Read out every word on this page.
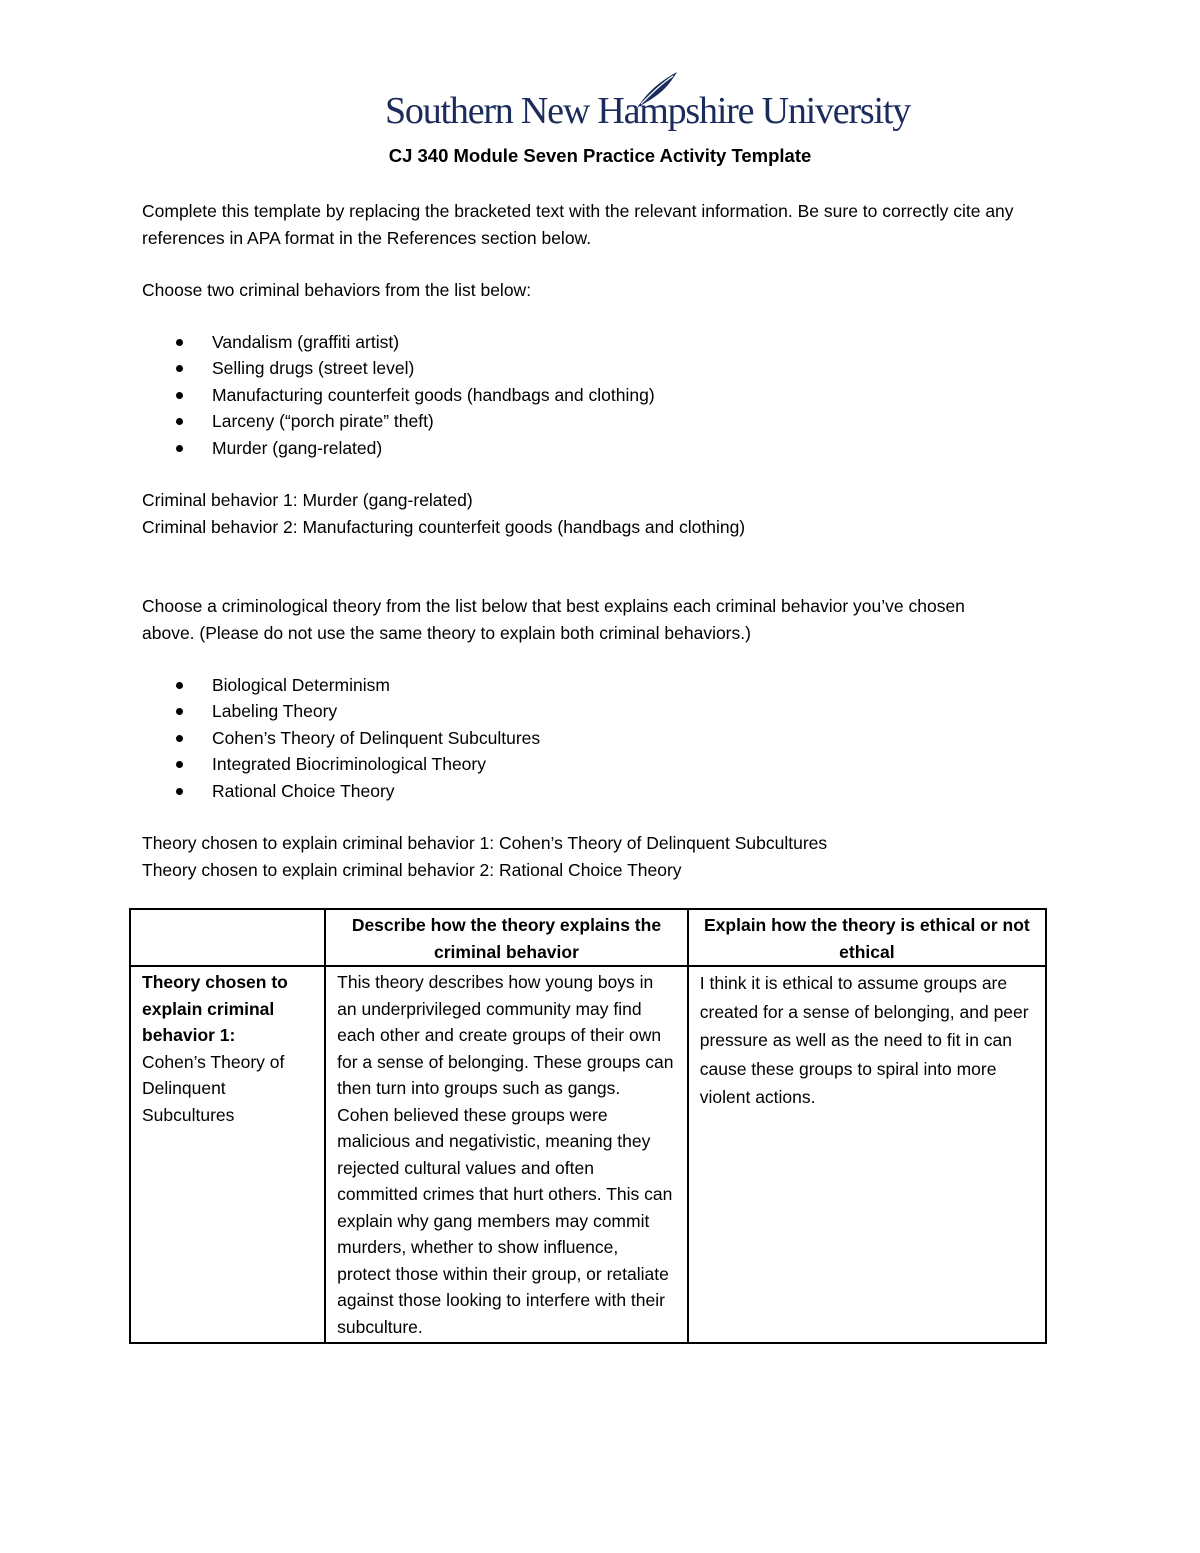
Southern New Hampshire University
CJ 340 Module Seven Practice Activity Template
Complete this template by replacing the bracketed text with the relevant information. Be sure to correctly cite any references in APA format in the References section below.
Choose two criminal behaviors from the list below:
Vandalism (graffiti artist)
Selling drugs (street level)
Manufacturing counterfeit goods (handbags and clothing)
Larceny (“porch pirate” theft)
Murder (gang-related)
Criminal behavior 1: Murder (gang-related)
Criminal behavior 2: Manufacturing counterfeit goods (handbags and clothing)
Choose a criminological theory from the list below that best explains each criminal behavior you’ve chosen above. (Please do not use the same theory to explain both criminal behaviors.)
Biological Determinism
Labeling Theory
Cohen’s Theory of Delinquent Subcultures
Integrated Biocriminological Theory
Rational Choice Theory
Theory chosen to explain criminal behavior 1: Cohen’s Theory of Delinquent Subcultures
Theory chosen to explain criminal behavior 2: Rational Choice Theory
	Describe how the theory explains the criminal behavior	Explain how the theory is ethical or not ethical

Theory chosen to explain criminal behavior 1:
Cohen’s Theory of Delinquent Subcultures	This theory describes how young boys in an underprivileged community may find each other and create groups of their own for a sense of belonging. These groups can then turn into groups such as gangs. Cohen believed these groups were malicious and negativistic, meaning they rejected cultural values and often committed crimes that hurt others. This can explain why gang members may commit murders, whether to show influence, protect those within their group, or retaliate against those looking to interfere with their subculture.	I think it is ethical to assume groups are created for a sense of belonging, and peer pressure as well as the need to fit in can cause these groups to spiral into more violent actions.
